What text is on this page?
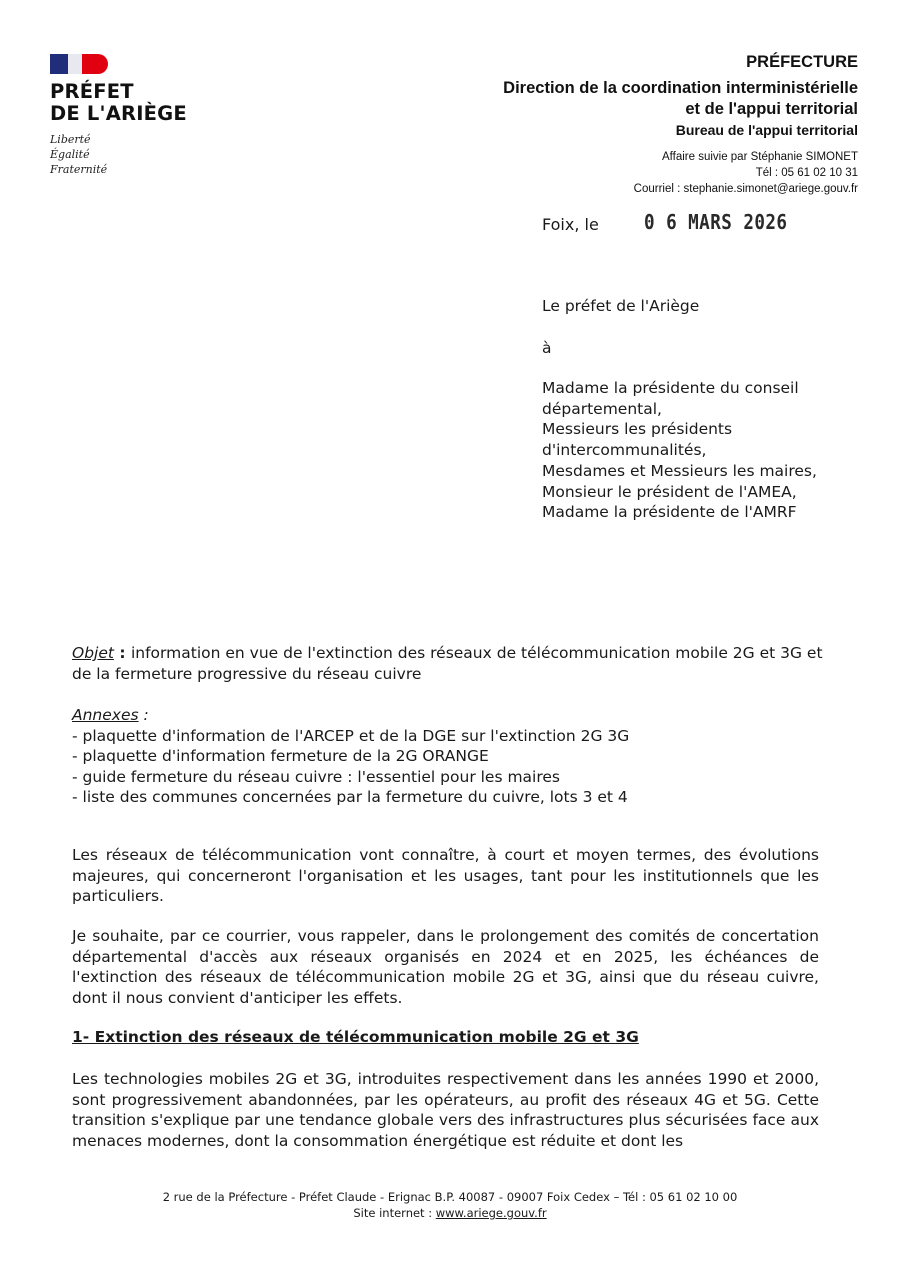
PRÉFET
DE L'ARIÈGE
Liberté
Égalité
Fraternité
PRÉFECTURE
Direction de la coordination interministérielle
et de l'appui territorial
Bureau de l'appui territorial
Affaire suivie par Stéphanie SIMONET
Tél : 05 61 02 10 31
Courriel : stephanie.simonet@ariege.gouv.fr
Foix, le 0 6 MARS 2026
Le préfet de l'Ariège
à
Madame la présidente du conseil
départemental,
Messieurs les présidents
d'intercommunalités,
Mesdames et Messieurs les maires,
Monsieur le président de l'AMEA,
Madame la présidente de l'AMRF
Objet : information en vue de l'extinction des réseaux de télécommunication mobile 2G et 3G et de la fermeture progressive du réseau cuivre
Annexes :
- plaquette d'information de l'ARCEP et de la DGE sur l'extinction 2G 3G
- plaquette d'information fermeture de la 2G ORANGE
- guide fermeture du réseau cuivre : l'essentiel pour les maires
- liste des communes concernées par la fermeture du cuivre, lots 3 et 4
Les réseaux de télécommunication vont connaître, à court et moyen termes, des évolutions majeures, qui concerneront l'organisation et les usages, tant pour les institutionnels que les particuliers.
Je souhaite, par ce courrier, vous rappeler, dans le prolongement des comités de concertation départemental d'accès aux réseaux organisés en 2024 et en 2025, les échéances de l'extinction des réseaux de télécommunication mobile 2G et 3G, ainsi que du réseau cuivre, dont il nous convient d'anticiper les effets.
1- Extinction des réseaux de télécommunication mobile 2G et 3G
Les technologies mobiles 2G et 3G, introduites respectivement dans les années 1990 et 2000, sont progressivement abandonnées, par les opérateurs, au profit des réseaux 4G et 5G. Cette transition s'explique par une tendance globale vers des infrastructures plus sécurisées face aux menaces modernes, dont la consommation énergétique est réduite et dont les
2 rue de la Préfecture - Préfet Claude - Erignac B.P. 40087 - 09007 Foix Cedex – Tél : 05 61 02 10 00
Site internet : www.ariege.gouv.fr
